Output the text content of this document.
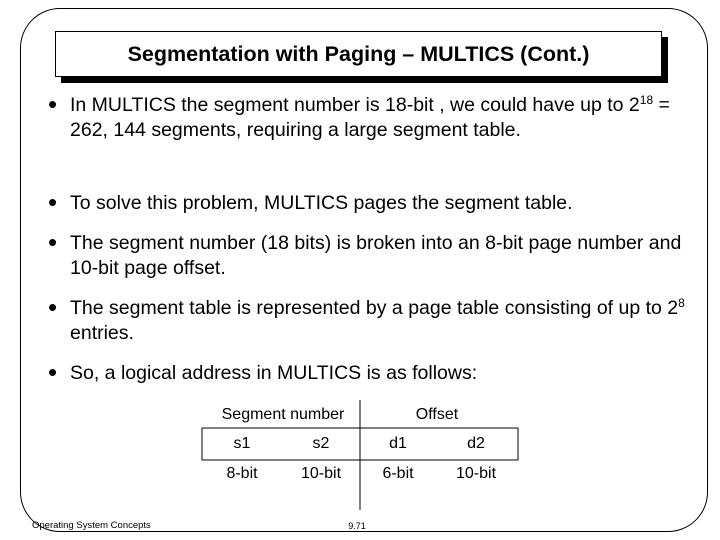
Segmentation with Paging – MULTICS (Cont.)
• In MULTICS the segment number is 18-bit , we could have up to $2^{18} = 262$, 144 segments, requiring a large segment table.
• To solve this problem, MULTICS pages the segment table.
• The segment number (18 bits) is broken into an 8-bit page number and 10-bit page offset.
• The segment table is represented by a page table consisting of up to $2^8$ entries.
• So, a logical address in MULTICS is as follows:
Segment number	Offset
s1	s2	d1	d2
8-bit	10-bit	6-bit	10-bit
Operating System Concepts	9.71
